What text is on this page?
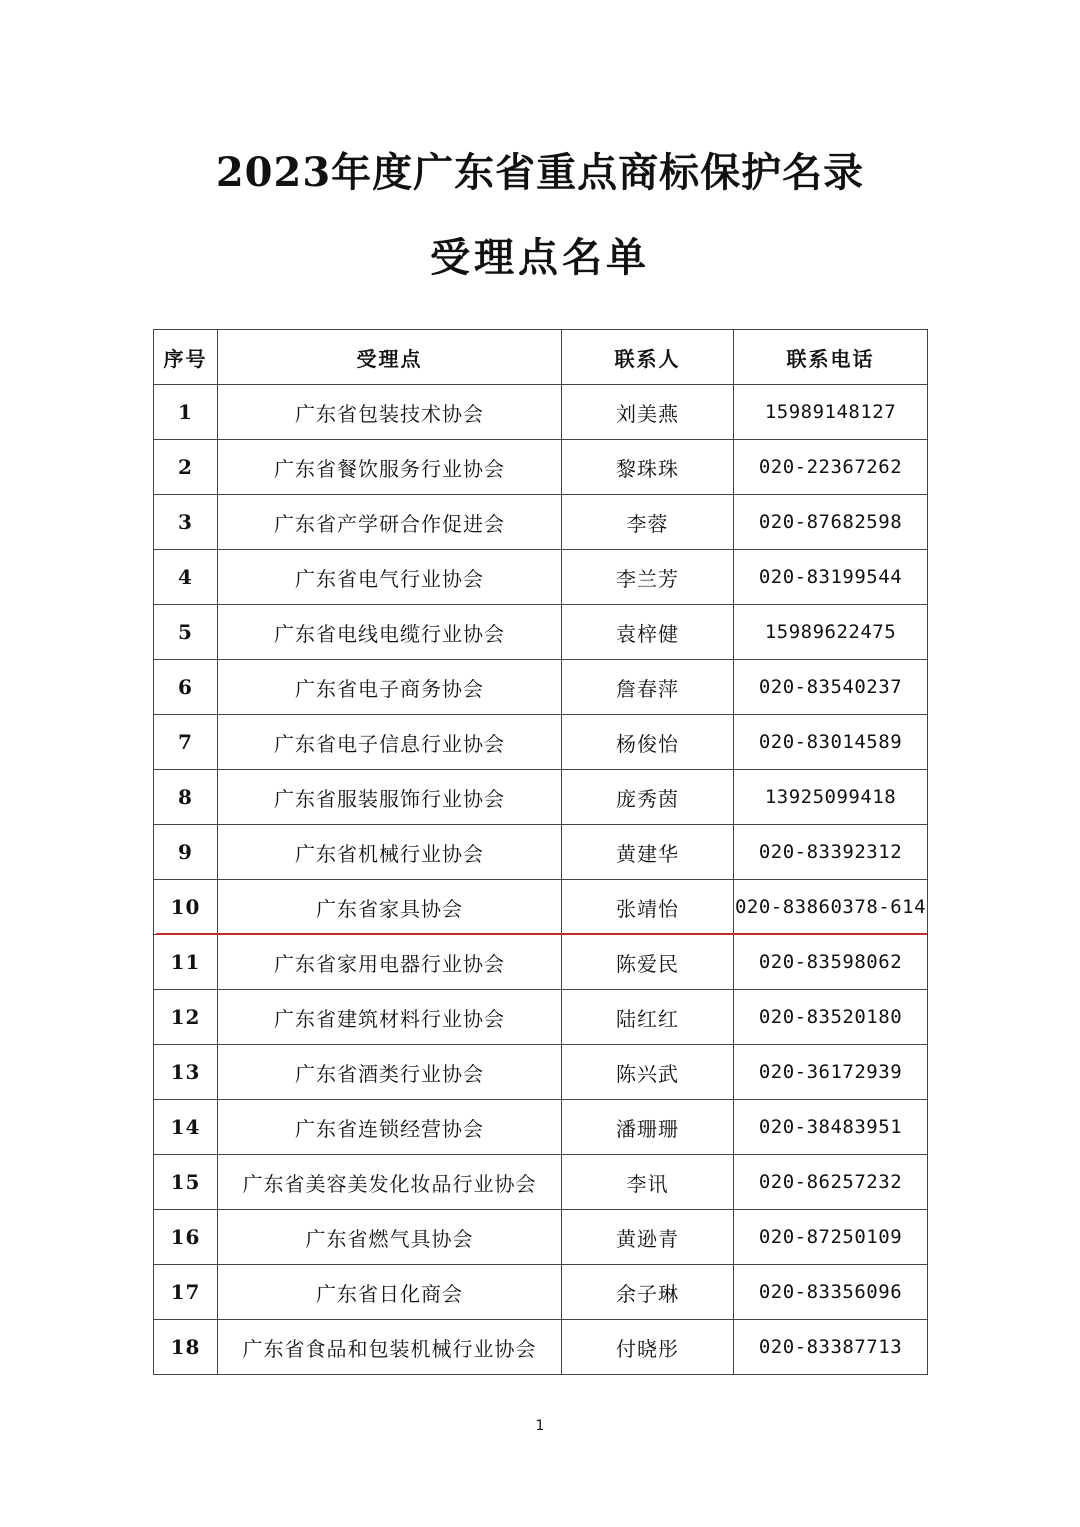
2023年度广东省重点商标保护名录
受理点名单
序号	受理点	联系人	联系电话
1	广东省包装技术协会	刘美燕	15989148127
2	广东省餐饮服务行业协会	黎珠珠	020-22367262
3	广东省产学研合作促进会	李蓉	020-87682598
4	广东省电气行业协会	李兰芳	020-83199544
5	广东省电线电缆行业协会	袁梓健	15989622475
6	广东省电子商务协会	詹春萍	020-83540237
7	广东省电子信息行业协会	杨俊怡	020-83014589
8	广东省服装服饰行业协会	庞秀茵	13925099418
9	广东省机械行业协会	黄建华	020-83392312
10	广东省家具协会	张靖怡	020-83860378-614
11	广东省家用电器行业协会	陈爱民	020-83598062
12	广东省建筑材料行业协会	陆红红	020-83520180
13	广东省酒类行业协会	陈兴武	020-36172939
14	广东省连锁经营协会	潘珊珊	020-38483951
15	广东省美容美发化妆品行业协会	李讯	020-86257232
16	广东省燃气具协会	黄逊青	020-87250109
17	广东省日化商会	余子琳	020-83356096
18	广东省食品和包装机械行业协会	付晓彤	020-83387713
1
